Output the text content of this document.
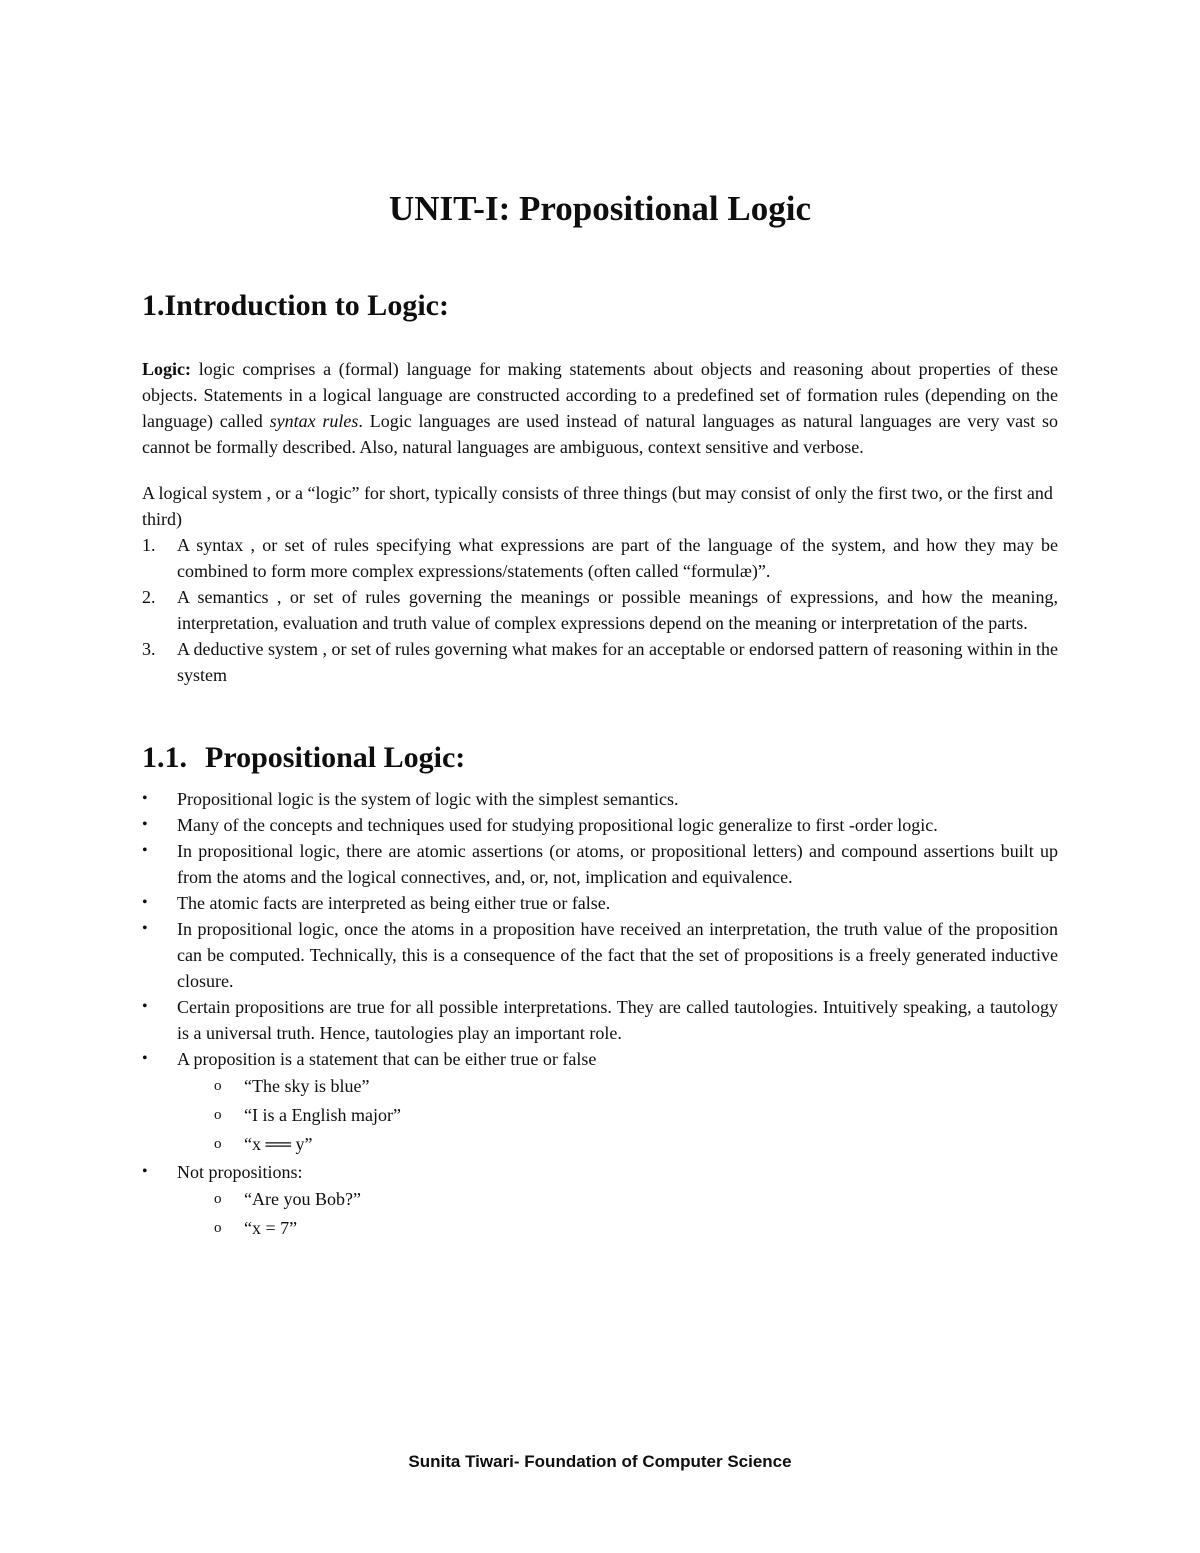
UNIT-I: Propositional Logic
1. Introduction to Logic:

Logic: logic comprises a (formal) language for making statements about objects and reasoning about properties of these objects. Statements in a logical language are constructed according to a predefined set of formation rules (depending on the language) called syntax rules. Logic languages are used instead of natural languages as natural languages are very vast so cannot be formally described. Also, natural languages are ambiguous, context sensitive and verbose.

A logical system , or a “logic” for short, typically consists of three things (but may consist of only the first two, or the first and third)

1.	A syntax , or set of rules specifying what expressions are part of the language of the system, and how they may be combined to form more complex expressions/statements (often called “formulæ)”.
2.	A semantics , or set of rules governing the meanings or possible meanings of expressions, and how the meaning, interpretation, evaluation and truth value of complex expressions depend on the meaning or interpretation of the parts.
3.	A deductive system , or set of rules governing what makes for an acceptable or endorsed pattern of reasoning within in the system
1.1. Propositional Logic:
•	Propositional logic is the system of logic with the simplest semantics.
•	Many of the concepts and techniques used for studying propositional logic generalize to first -order logic.
•	In propositional logic, there are atomic assertions (or atoms, or propositional letters) and compound assertions built up from the atoms and the logical connectives, and, or, not, implication and equivalence.
•	The atomic facts are interpreted as being either true or false.
•	In propositional logic, once the atoms in a proposition have received an interpretation, the truth value of the proposition can be computed. Technically, this is a consequence of the fact that the set of propositions is a freely generated inductive closure.
•	Certain propositions are true for all possible interpretations. They are called tautologies. Intuitively speaking, a tautology is a universal truth. Hence, tautologies play an important role.
•	A proposition is a statement that can be either true or false
o	“The sky is blue”
o	“I is a English major”
o	“x ══ y”
•	Not propositions:
o	“Are you Bob?”
o	“x = 7”
Sunita Tiwari- Foundation of Computer Science
